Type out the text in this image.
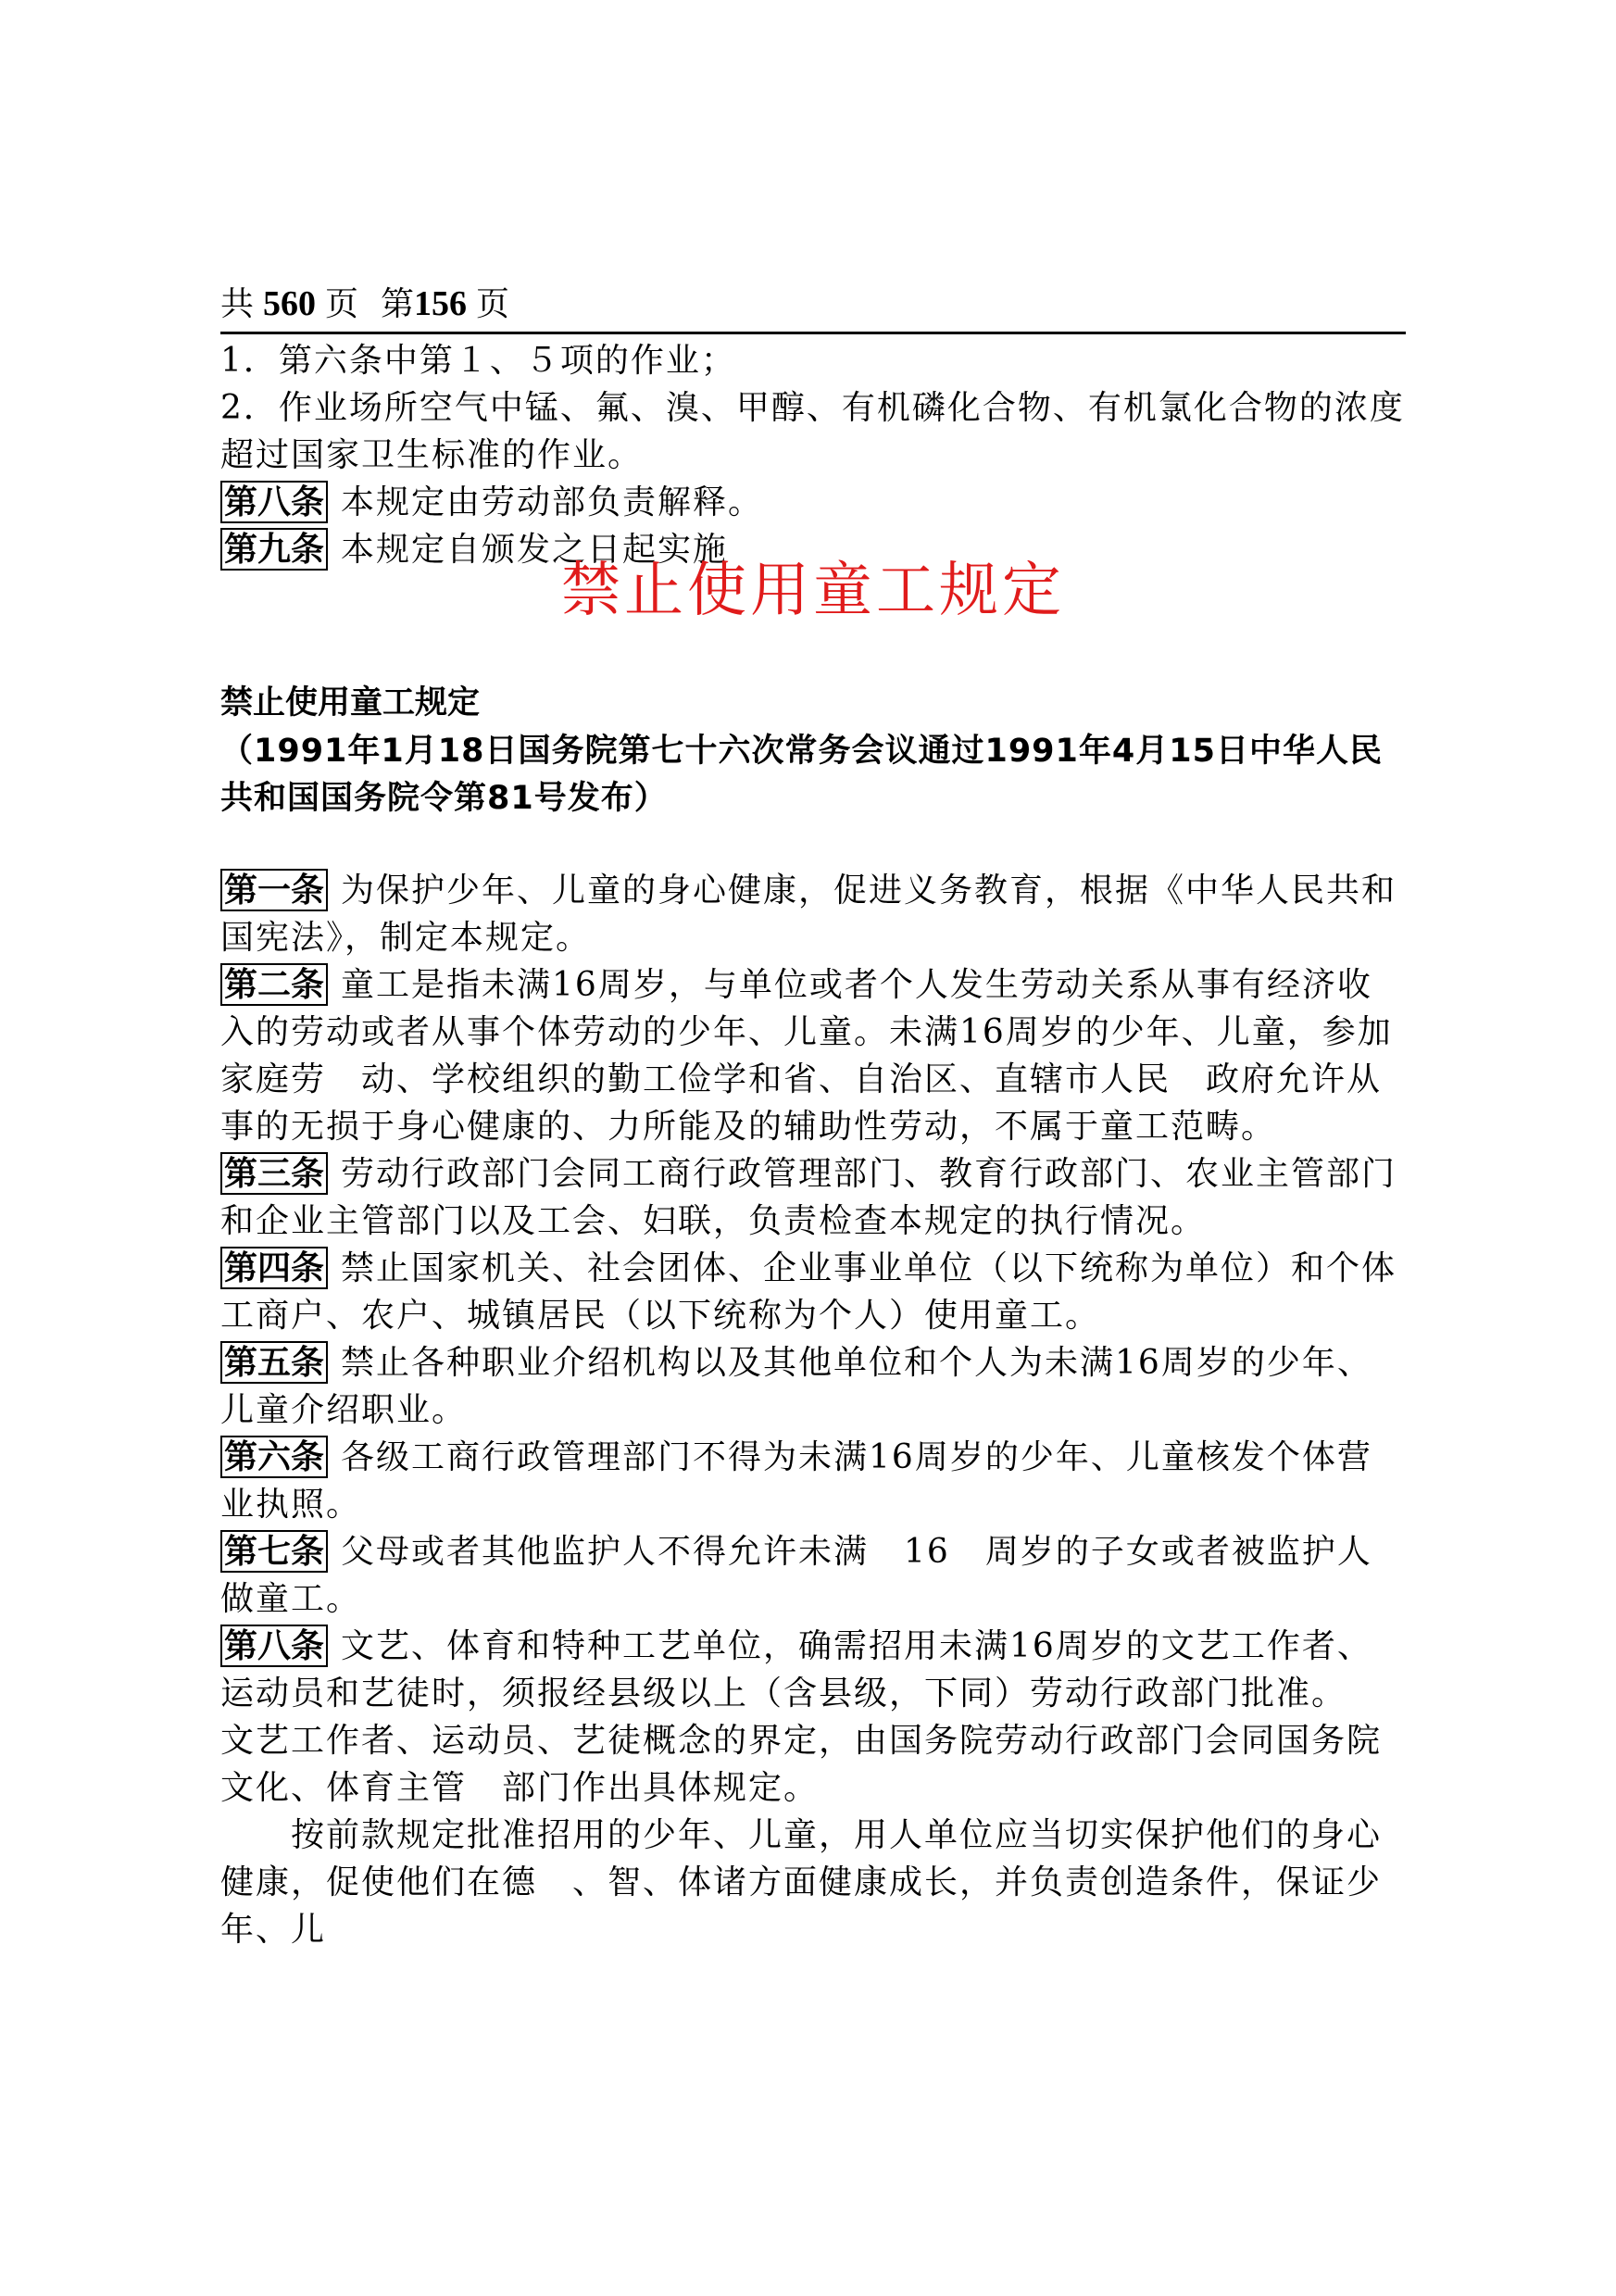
共 560 页 第156 页

1．第六条中第１、５项的作业；

2．作业场所空气中锰、氟、溴、甲醇、有机磷化合物、有机氯化合物的浓度超过国家卫生标准的作业。

第八条 本规定由劳动部负责解释。

第九条 本规定自颁发之日起实施

禁止使用童工规定
禁止使用童工规定
（1991年1月18日国务院第七十六次常务会议通过1991年4月15日中华人民共和国国务院令第81号发布）

第一条 为保护少年、儿童的身心健康，促进义务教育，根据《中华人民共和国宪法》，制定本规定。

第二条 童工是指未满16周岁，与单位或者个人发生劳动关系从事有经济收　入的劳动或者从事个体劳动的少年、儿童。未满16周岁的少年、儿童，参加家庭劳　动、学校组织的勤工俭学和省、自治区、直辖市人民　政府允许从事的无损于身心健康的、力所能及的辅助性劳动，不属于童工范畴。

第三条 劳动行政部门会同工商行政管理部门、教育行政部门、农业主管部门和企业主管部门以及工会、妇联，负责检查本规定的执行情况。

第四条 禁止国家机关、社会团体、企业事业单位（以下统称为单位）和个体工商户、农户、城镇居民（以下统称为个人）使用童工。

第五条 禁止各种职业介绍机构以及其他单位和个人为未满16周岁的少年、儿童介绍职业。

第六条 各级工商行政管理部门不得为未满16周岁的少年、儿童核发个体营　业执照。

第七条 父母或者其他监护人不得允许未满　16　周岁的子女或者被监护人做童工。

第八条 文艺、体育和特种工艺单位，确需招用未满16周岁的文艺工作者、运动员和艺徒时，须报经县级以上（含县级，下同）劳动行政部门批准。

文艺工作者、运动员、艺徒概念的界定，由国务院劳动行政部门会同国务院文化、体育主管　部门作出具体规定。

按前款规定批准招用的少年、儿童，用人单位应当切实保护他们的身心健康，促使他们在德　、智、体诸方面健康成长，并负责创造条件，保证少年、儿
